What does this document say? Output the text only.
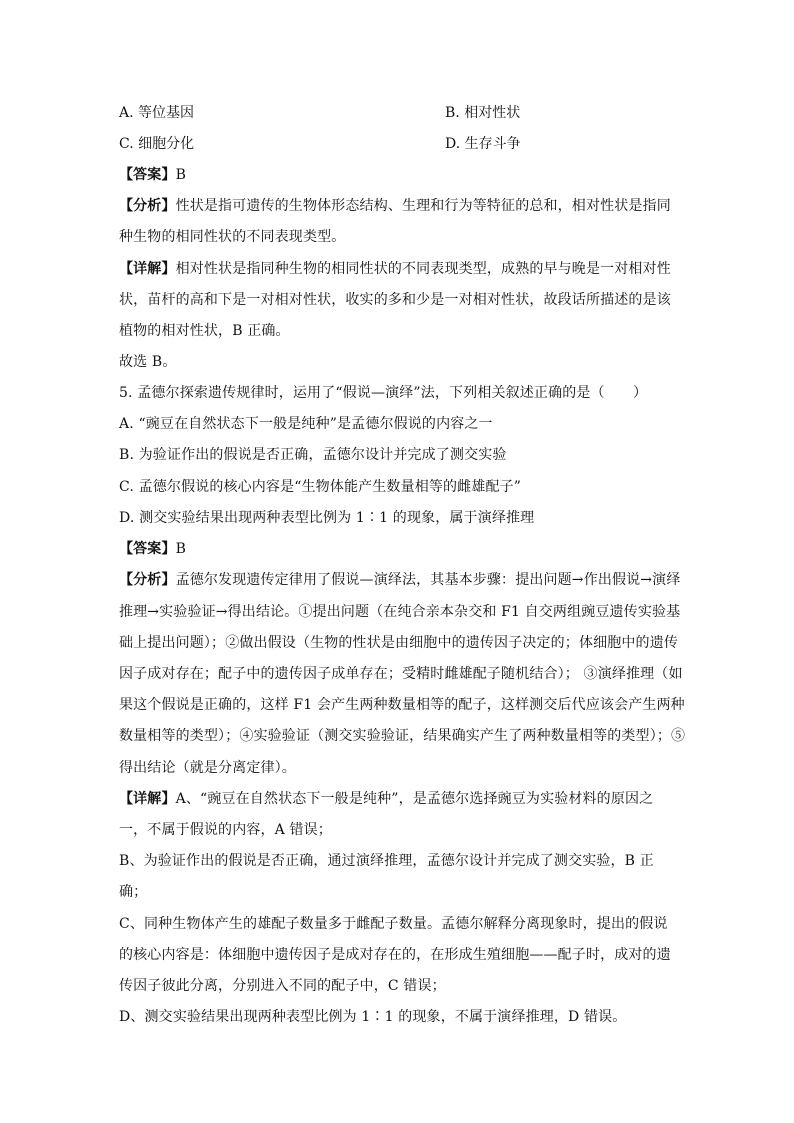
A. 等位基因	B. 相对性状
C. 细胞分化	D. 生存斗争
【答案】B
【分析】性状是指可遗传的生物体形态结构、生理和行为等特征的总和，相对性状是指同
种生物的相同性状的不同表现类型。
【详解】相对性状是指同种生物的相同性状的不同表现类型，成熟的早与晚是一对相对性
状，苗杆的高和下是一对相对性状，收实的多和少是一对相对性状，故段话所描述的是该
植物的相对性状，B 正确。
故选 B。
5. 孟德尔探索遗传规律时，运用了“假说—演绎”法，下列相关叙述正确的是（　　）
A. “豌豆在自然状态下一般是纯种”是孟德尔假说的内容之一
B. 为验证作出的假说是否正确，孟德尔设计并完成了测交实验
C. 孟德尔假说的核心内容是“生物体能产生数量相等的雌雄配子”
D. 测交实验结果出现两种表型比例为 1∶1 的现象，属于演绎推理
【答案】B
【分析】孟德尔发现遗传定律用了假说—演绎法，其基本步骤：提出问题→作出假说→演绎
推理→实验验证→得出结论。①提出问题（在纯合亲本杂交和 F1 自交两组豌豆遗传实验基
础上提出问题）；②做出假设（生物的性状是由细胞中的遗传因子决定的；体细胞中的遗传
因子成对存在；配子中的遗传因子成单存在；受精时雌雄配子随机结合）； ③演绎推理（如
果这个假说是正确的，这样 F1 会产生两种数量相等的配子，这样测交后代应该会产生两种
数量相等的类型）；④实验验证（测交实验验证，结果确实产生了两种数量相等的类型）；⑤
得出结论（就是分离定律）。
【详解】A、“豌豆在自然状态下一般是纯种”，是孟德尔选择豌豆为实验材料的原因之
一，不属于假说的内容，A 错误；
B、为验证作出的假说是否正确，通过演绎推理，孟德尔设计并完成了测交实验，B 正
确；
C、同种生物体产生的雄配子数量多于雌配子数量。孟德尔解释分离现象时，提出的假说
的核心内容是：体细胞中遗传因子是成对存在的，在形成生殖细胞——配子时，成对的遗
传因子彼此分离，分别进入不同的配子中，C 错误；
D、测交实验结果出现两种表型比例为 1∶1 的现象，不属于演绎推理，D 错误。
